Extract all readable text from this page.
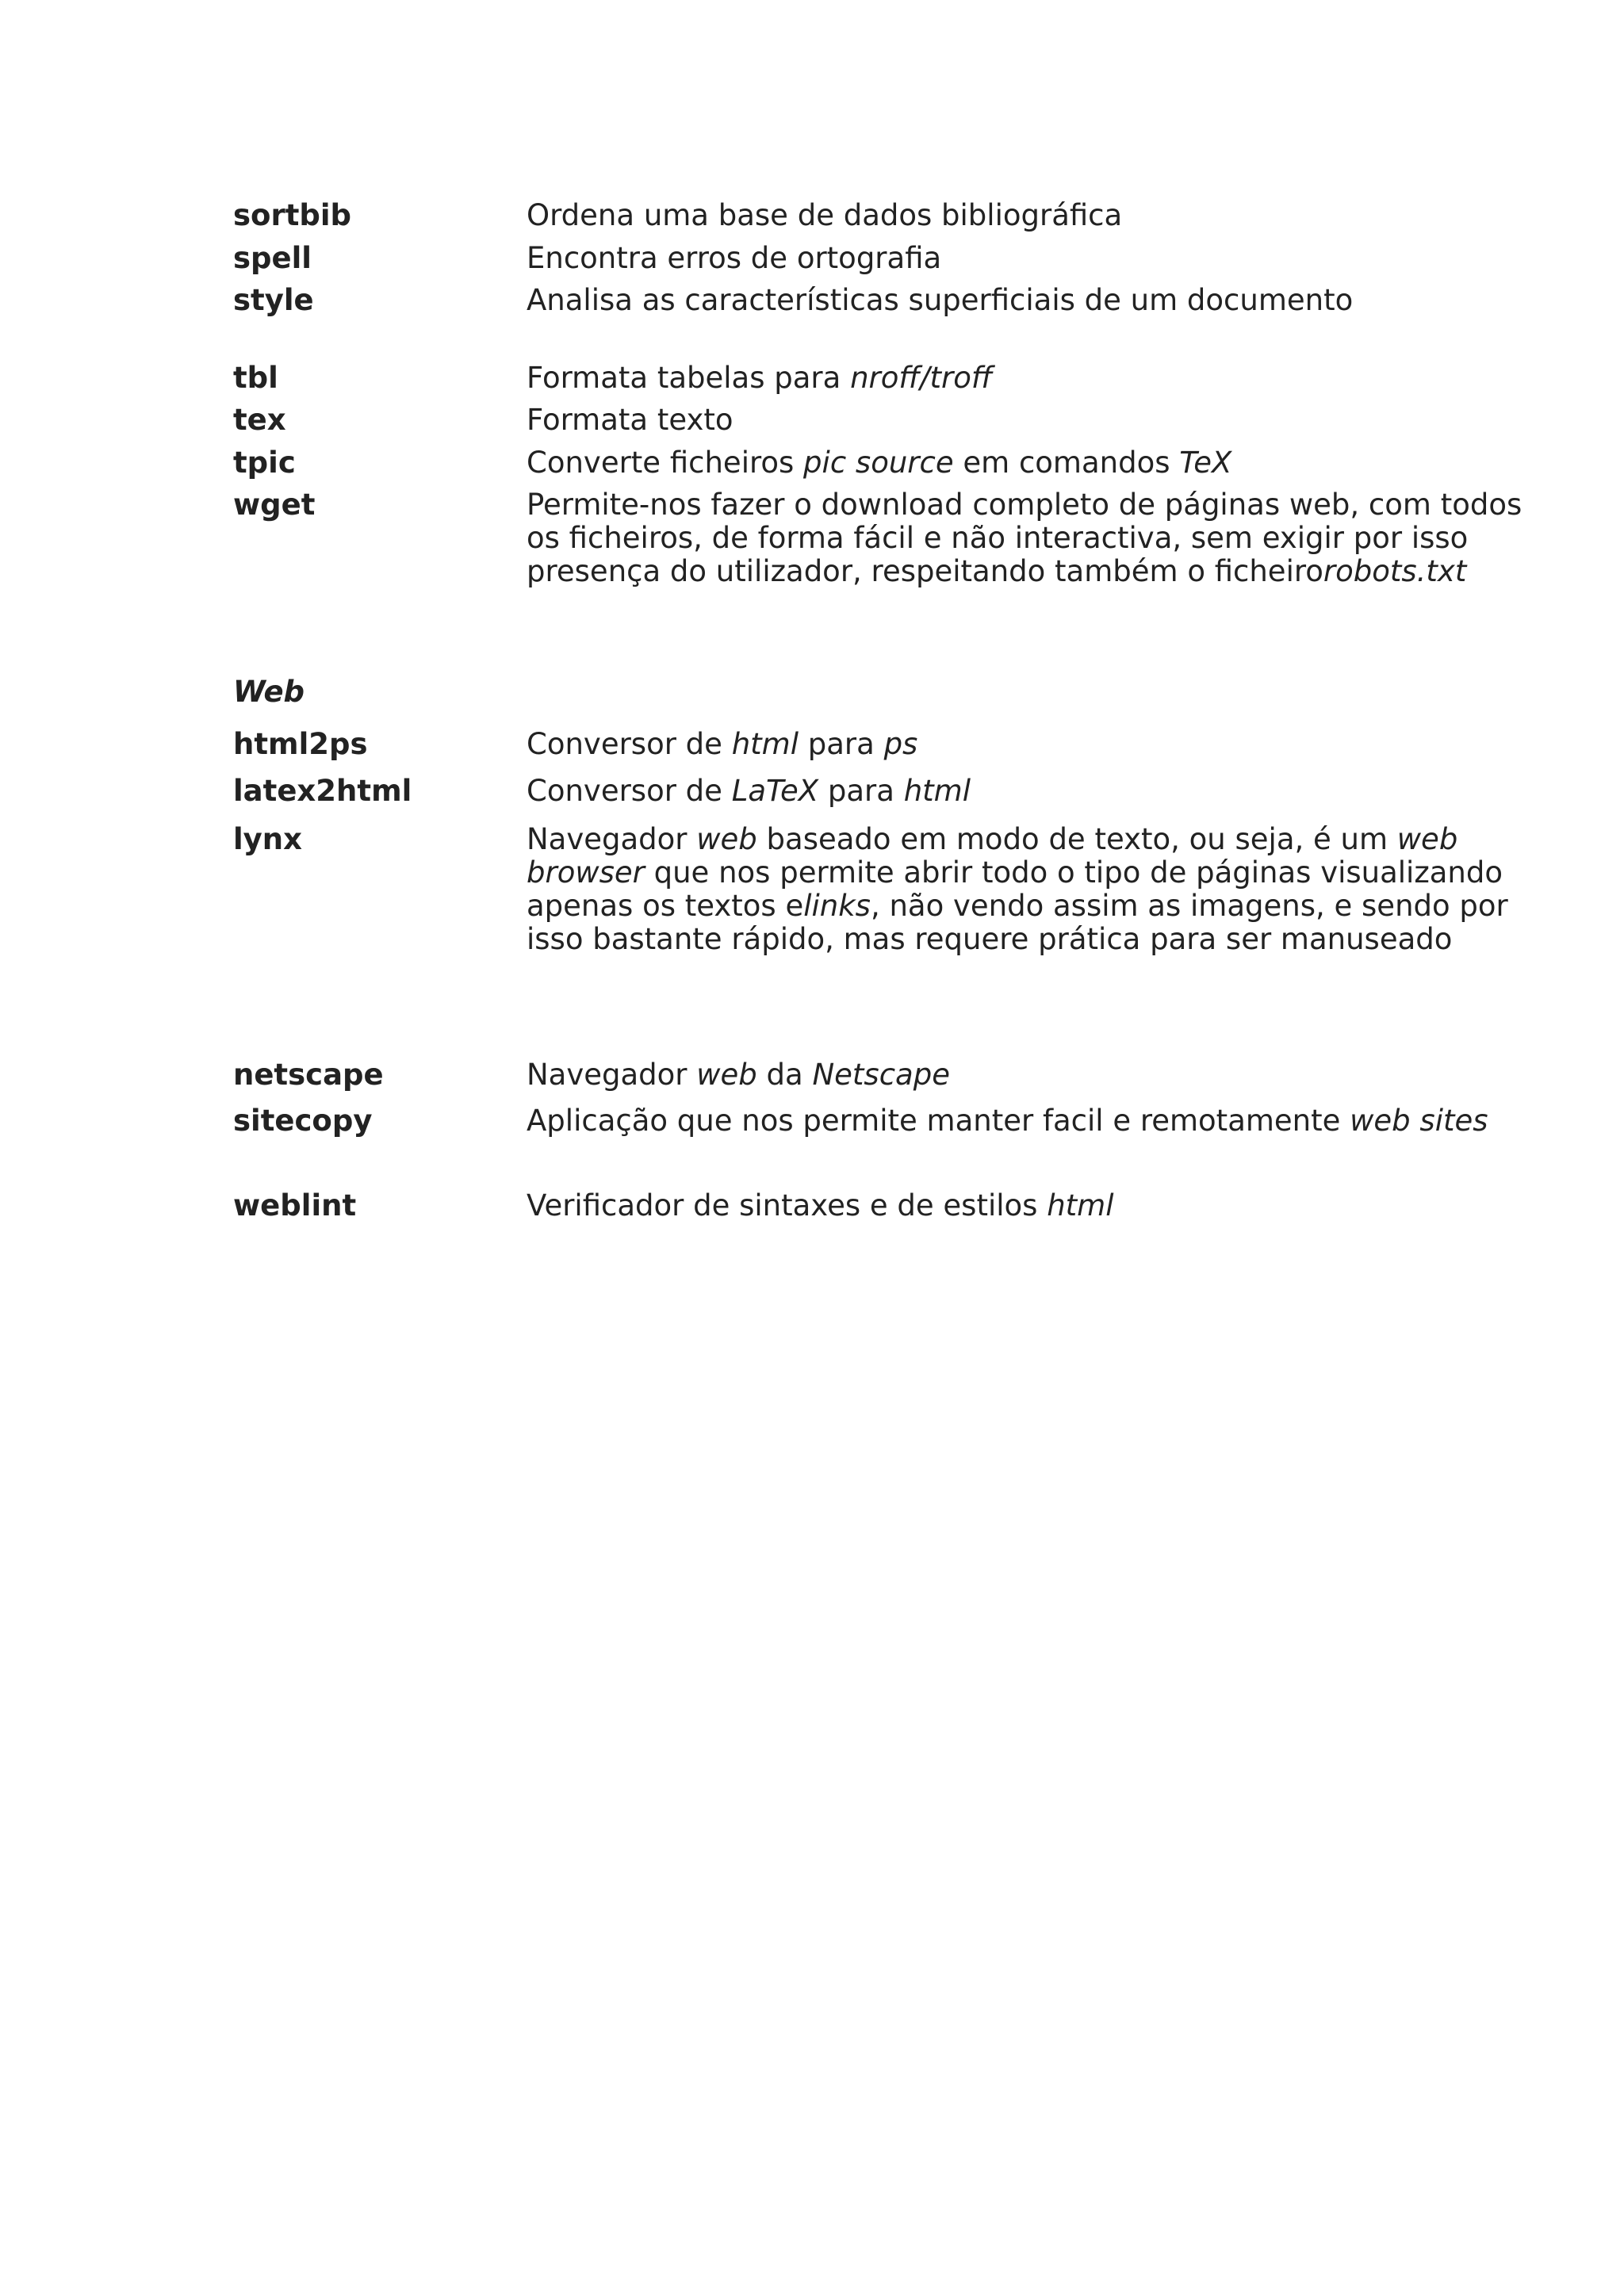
sortbib	Ordena uma base de dados bibliográfica
spell	Encontra erros de ortografia
style	Analisa as características superficiais de um documento
tbl	Formata tabelas para nroff/troff
tex	Formata texto
tpic	Converte ficheiros pic source em comandos TeX
wget	Permite-nos fazer o download completo de páginas web, com todos os ficheiros, de forma fácil e não interactiva, sem exigir por isso presença do utilizador, respeitando também o ficheirorobots.txt
Web
html2ps	Conversor de html para ps
latex2html	Conversor de LaTeX para html
lynx	Navegador web baseado em modo de texto, ou seja, é um web browser que nos permite abrir todo o tipo de páginas visualizando apenas os textos elinks, não vendo assim as imagens, e sendo por isso bastante rápido, mas requere prática para ser manuseado
netscape	Navegador web da Netscape
sitecopy	Aplicação que nos permite manter facil e remotamente web sites
weblint	Verificador de sintaxes e de estilos html
